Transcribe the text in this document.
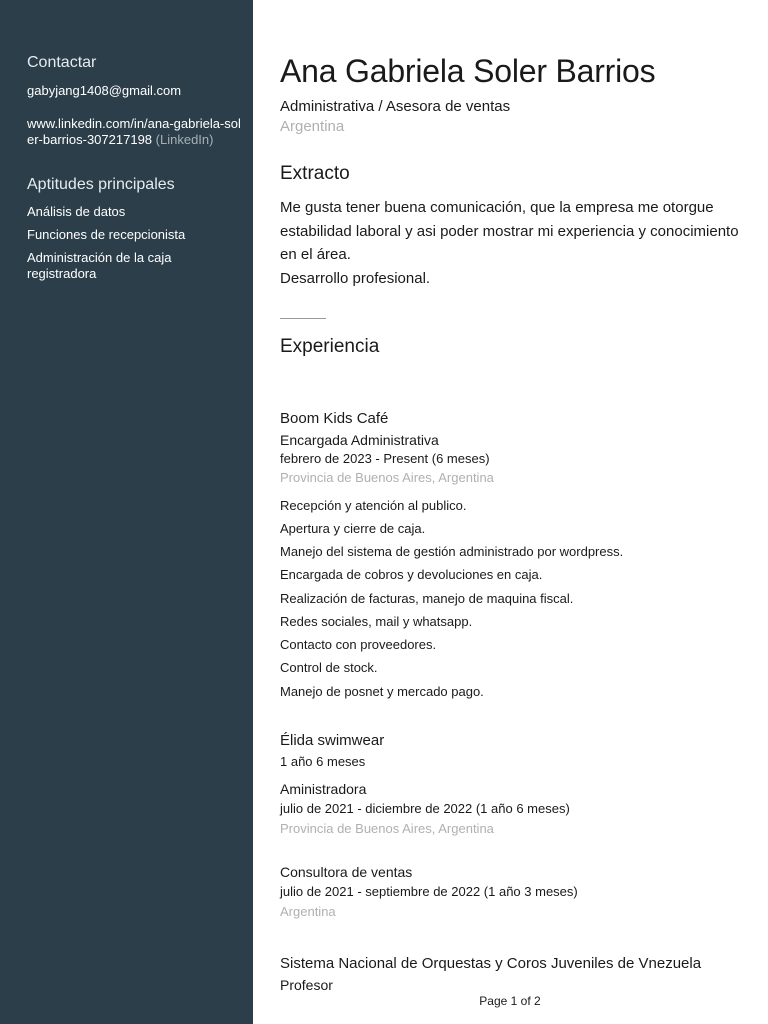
Contactar
gabyjang1408@gmail.com
www.linkedin.com/in/ana-gabriela-soler-barrios-307217198 (LinkedIn)
Aptitudes principales
Análisis de datos
Funciones de recepcionista
Administración de la caja registradora
Ana Gabriela Soler Barrios
Administrativa / Asesora de ventas
Argentina
Extracto
Me gusta tener buena comunicación, que la empresa me otorgue estabilidad laboral y asi poder mostrar mi experiencia y conocimiento en el área.
Desarrollo profesional.
Experiencia
Boom Kids Café
Encargada Administrativa
febrero de 2023 - Present (6 meses)
Provincia de Buenos Aires, Argentina
Recepción y atención al publico.
Apertura y cierre de caja.
Manejo del sistema de gestión administrado por wordpress.
Encargada de cobros y devoluciones en caja.
Realización de facturas, manejo de maquina fiscal.
Redes sociales, mail y whatsapp.
Contacto con proveedores.
Control de stock.
Manejo de posnet y mercado pago.
Élida swimwear
1 año 6 meses
Aministradora
julio de 2021 - diciembre de 2022 (1 año 6 meses)
Provincia de Buenos Aires, Argentina
Consultora de ventas
julio de 2021 - septiembre de 2022 (1 año 3 meses)
Argentina
Sistema Nacional de Orquestas y Coros Juveniles de Vnezuela
Profesor
Page 1 of 2
